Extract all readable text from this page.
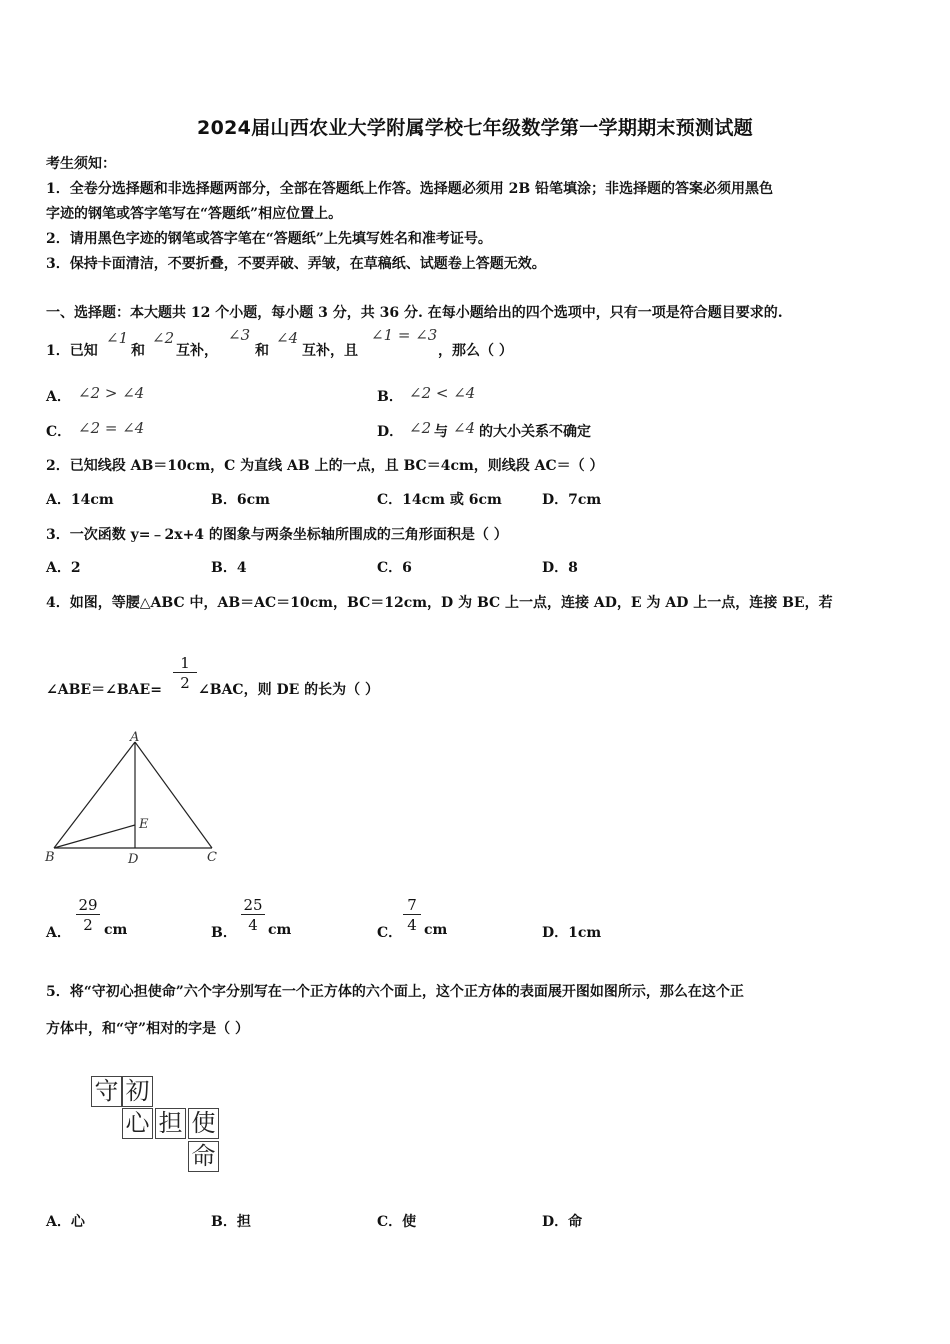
2024届山西农业大学附属学校七年级数学第一学期期末预测试题
考生须知：
1．全卷分选择题和非选择题两部分，全部在答题纸上作答。选择题必须用 2B 铅笔填涂；非选择题的答案必须用黑色
字迹的钢笔或答字笔写在“答题纸”相应位置上。
2．请用黑色字迹的钢笔或答字笔在“答题纸”上先填写姓名和准考证号。
3．保持卡面清洁，不要折叠，不要弄破、弄皱，在草稿纸、试题卷上答题无效。
一、选择题：本大题共 12 个小题，每小题 3 分，共 36 分. 在每小题给出的四个选项中，只有一项是符合题目要求的.
1．已知
∠1
和
∠2
互补，
∠3
和
∠4
互补，且
∠1 = ∠3
，那么（ ）
A． ∠2 > ∠4	B． ∠2 < ∠4
C． ∠2 = ∠4	D． ∠2 与 ∠4 的大小关系不确定
2．已知线段 AB＝10cm，C 为直线 AB 上的一点，且 BC＝4cm，则线段 AC＝（ ）
A．14cm	B．6cm	C．14cm 或 6cm	D．7cm
3．一次函数 y=﹣2x+4 的图象与两条坐标轴所围成的三角形面积是（ ）
A．2	B．4	C．6	D．8
4．如图，等腰△ABC 中，AB＝AC＝10cm，BC＝12cm，D 为 BC 上一点，连接 AD，E 为 AD 上一点，连接 BE，若
∠ABE＝∠BAE= $\frac{1}{2}$ ∠BAC，则 DE 的长为（ ）
A
B	C
D
E
A． $\frac{29}{2}$ cm	B． $\frac{25}{4}$ cm	C． $\frac{7}{4}$ cm	D．1cm
5．将“守初心担使命”六个字分别写在一个正方体的六个面上，这个正方体的表面展开图如图所示，那么在这个正
方体中，和“守”相对的字是（ ）
守 初
心 担 使
命
A．心	B．担	C．使	D．命
